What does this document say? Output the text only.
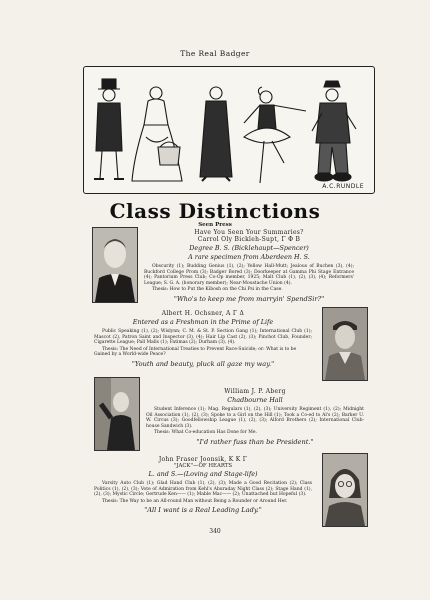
The Real Badger
A.C.RUNDLE
Class Distinctions
Seen Press
Have You Seen Your Summaries?
Carrol Oly Bickleh-Supt, Γ Φ B
Degree B. S. (Bicklehaupt—Spencer)
A rare specimen from Aberdeen H. S.
Obscurity (1); Budding Genius (1), (2); Yellow Hall-Mutt; Jealous of Buchen (3), (4); Buckford College Prom (3); Badger Bored (3); Doorkeeper at Gamma Phi Stage Entrance (4); Pantorium Press Club; Co-Op member, 1925; Malt Club (1), (2), (3), (4); Reformers' League; S. G. A. (honorary member); Near-Moustache Union (4).
Thesis: How to Put the Kibosh on the Chi Psi in the Case.
"Who's to keep me from marryin' SpendSir?"
Albert H. Ochsner, A Γ Δ
Entered as a Freshman in the Prime of Life
Public Speaking (1), (2); Wislynn; C. M. & St. P. Section Gang (1); International Club (1); Mascot (2), Patron Saint and Inspector (3), (4); Hair Lip Cast (2), (3); Pinchot Club, Founder; Cigarette League; Pall Malls (1); Fatimas (2); Durham (3), (4).
Thesis: The Need of International Treaties to Prevent Race-Suicide; or: What is to be Gained by a World-wide Peace?
"Youth and beauty, pluck all gaze my way."
William J. P. Aberg
Chadbourne Hall
Student Inference (1); Mag. Regulars (1), (2), (3); University Regiment (1), (2); Midnight Oil Association (1), (2), (3); Spoke to a Girl on the Hill (1); Took a Co-ed to Al's (2); Barker U. W. Circus (3); Goodfellowship League (1), (2), (3); Alford Brothers (2); International Club-house Sandwich (3).
Thesis: What Co-education Has Done for Me.
"I'd rather fuss than be President."
John Fraser Joonsik, K K Γ
"JACK"—OF HEARTS
L. and S.—(Loving and Stage-life)
Varsity Auto Club (1); Glad Hand Club (1), (2), (3); Made a Good Recitation (2); Class Politics (1), (2), (3); Vote of Admiration from Kehl's Aburaday Night Class (2); Stage Hand (1), (2), (3); Mystic Circle; Gertrude Ken—— (1); Mable Mac—— (2); Unattached but Hopeful (3).
Thesis: The Way to be an All-round Man without Being a Rounder or Around Her.
"All I want is a Real Leading Lady."
340
